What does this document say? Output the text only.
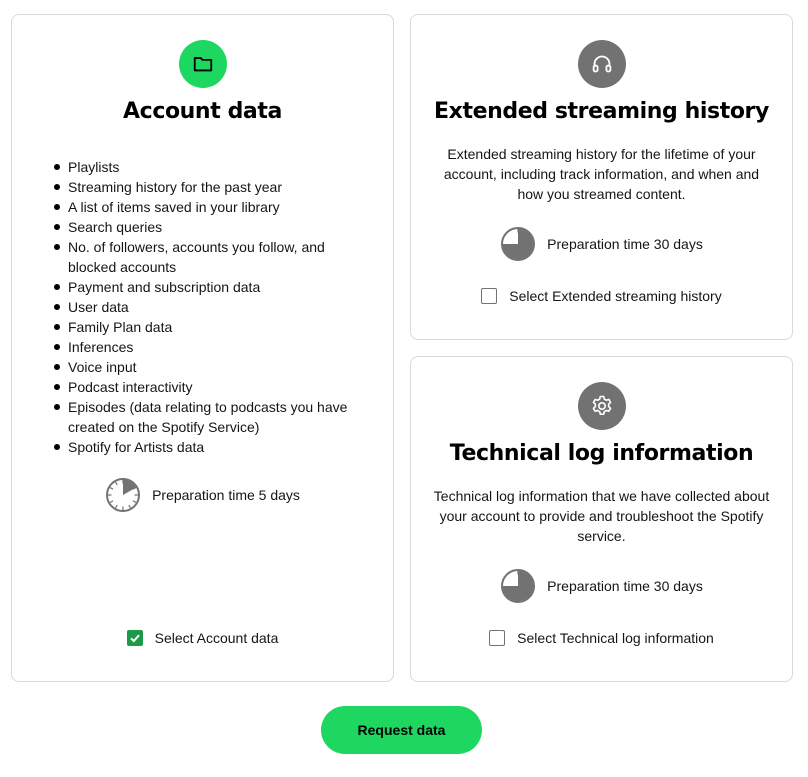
Account data
Playlists
Streaming history for the past year
A list of items saved in your library
Search queries
No. of followers, accounts you follow, and blocked accounts
Payment and subscription data
User data
Family Plan data
Inferences
Voice input
Podcast interactivity
Episodes (data relating to podcasts you have created on the Spotify Service)
Spotify for Artists data
Preparation time 5 days
Select Account data
Extended streaming history
Extended streaming history for the lifetime of your account, including track information, and when and how you streamed content.
Preparation time 30 days
Select Extended streaming history
Technical log information
Technical log information that we have collected about your account to provide and troubleshoot the Spotify service.
Preparation time 30 days
Select Technical log information
Request data
